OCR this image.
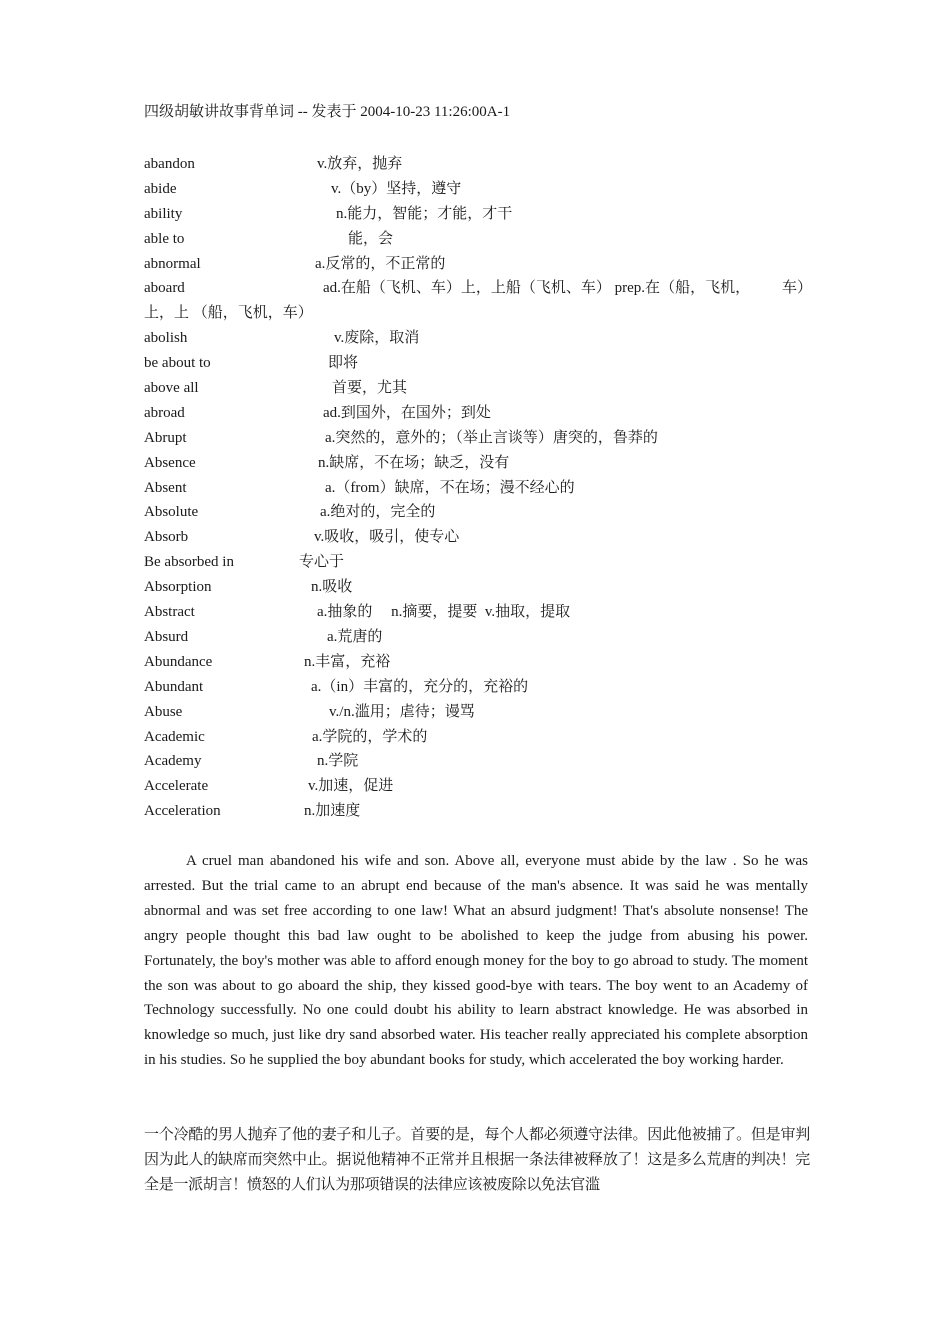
四级胡敏讲故事背单词 -- 发表于 2004-10-23 11:26:00A-1
abandon	v.放弃，抛弃
abide	v.（by）坚持，遵守
ability	n.能力，智能；才能，才干
able to	能，会
abnormal	a.反常的，不正常的
aboard	ad.在船（飞机、车）上，上船（飞机、车） prep.在（船，飞机， 车）
上，上 （船，飞机，车）
abolish	v.废除，取消
be about to	即将
above all	首要，尤其
abroad	ad.到国外，在国外；到处
Abrupt	a.突然的，意外的；（举止言谈等）唐突的，鲁莽的
Absence	n.缺席，不在场；缺乏，没有
Absent	a.（from）缺席，不在场；漫不经心的
Absolute	a.绝对的，完全的
Absorb	v.吸收，吸引，使专心
Be absorbed in	专心于
Absorption	n.吸收
Abstract	a.抽象的     n.摘要，提要  v.抽取，提取
Absurd	a.荒唐的
Abundance	n.丰富，充裕
Abundant	a.（in）丰富的，充分的，充裕的
Abuse	v./n.滥用；虐待；谩骂
Academic	a.学院的，学术的
Academy	n.学院
Accelerate	v.加速，促进
Acceleration	n.加速度

A cruel man abandoned his wife and son. Above all, everyone must abide by the law . So he was arrested. But the trial came to an abrupt end because of the man's absence. It was said he was mentally abnormal and was set free according to one law! What an absurd judgment! That's absolute nonsense! The angry people thought this bad law ought to be abolished to keep the judge from abusing his power. Fortunately, the boy's mother was able to afford enough money for the boy to go abroad to study. The moment the son was about to go aboard the ship, they kissed good-bye with tears. The boy went to an Academy of Technology successfully. No one could doubt his ability to learn abstract knowledge. He was absorbed in knowledge so much, just like dry sand absorbed water. His teacher really appreciated his complete absorption in his studies. So he supplied the boy abundant books for study, which accelerated the boy working harder.

一个冷酷的男人抛弃了他的妻子和儿子。首要的是，每个人都必须遵守法律。因此他被捕了。但是审判因为此人的缺席而突然中止。据说他精神不正常并且根据一条法律被释放了！这是多么荒唐的判决！完全是一派胡言！愤怒的人们认为那项错误的法律应该被废除以免法官滥
